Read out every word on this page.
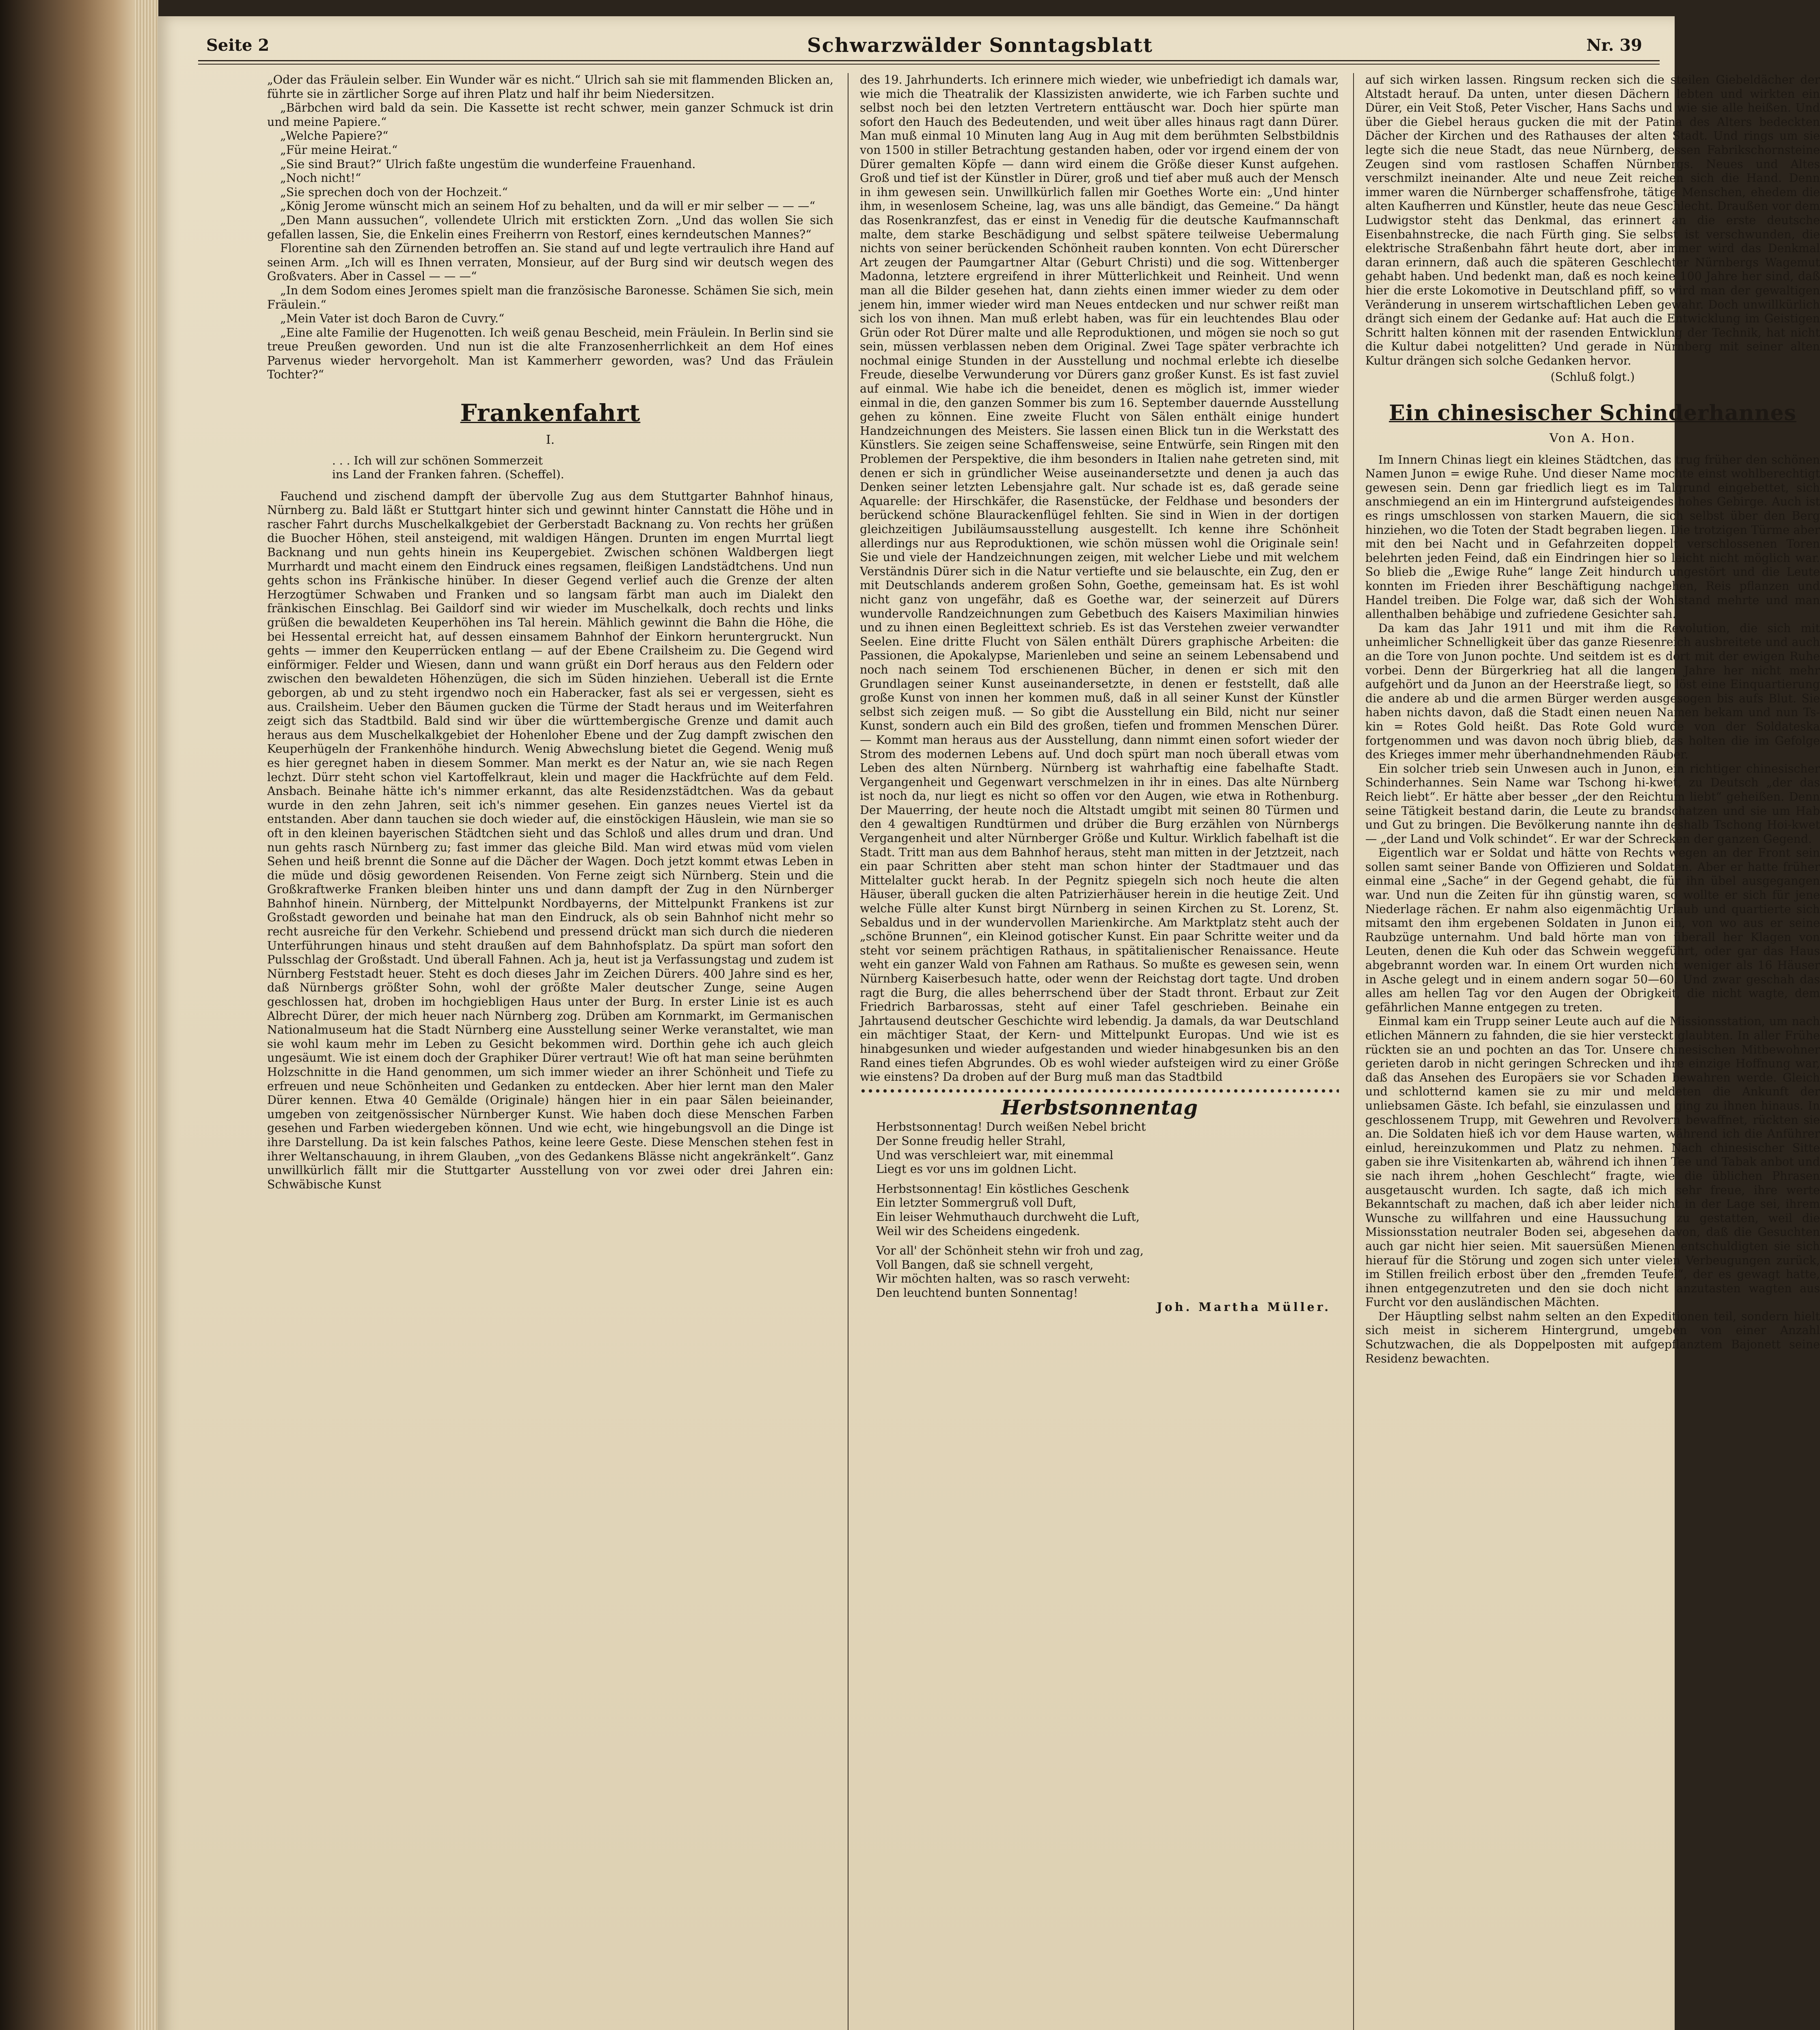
Seite 2	Schwarzwälder Sonntagsblatt	Nr. 39

„Oder das Fräulein selber. Ein Wunder wär es nicht.“ Ulrich sah sie mit flammenden Blicken an, führte sie in zärtlicher Sorge auf ihren Platz und half ihr beim Niedersitzen.

„Bärbchen wird bald da sein. Die Kassette ist recht schwer, mein ganzer Schmuck ist drin und meine Papiere.“

„Welche Papiere?“

„Für meine Heirat.“

„Sie sind Braut?“ Ulrich faßte ungestüm die wunderfeine Frauenhand.

„Noch nicht!“

„Sie sprechen doch von der Hochzeit.“

„König Jerome wünscht mich an seinem Hof zu behalten, und da will er mir selber — — —“

„Den Mann aussuchen“, vollendete Ulrich mit erstickten Zorn. „Und das wollen Sie sich gefallen lassen, Sie, die Enkelin eines Freiherrn von Restorf, eines kerndeutschen Mannes?“

Florentine sah den Zürnenden betroffen an. Sie stand auf und legte vertraulich ihre Hand auf seinen Arm. „Ich will es Ihnen verraten, Monsieur, auf der Burg sind wir deutsch wegen des Großvaters. Aber in Cassel — — —“

„In dem Sodom eines Jeromes spielt man die französische Baronesse. Schämen Sie sich, mein Fräulein.“

„Mein Vater ist doch Baron de Cuvry.“

„Eine alte Familie der Hugenotten. Ich weiß genau Bescheid, mein Fräulein. In Berlin sind sie treue Preußen geworden. Und nun ist die alte Franzosenherrlichkeit an dem Hof eines Parvenus wieder hervorgeholt. Man ist Kammerherr geworden, was? Und das Fräulein Tochter?“

Frankenfahrt
I.
. . . Ich will zur schönen Sommerzeit
ins Land der Franken fahren. (Scheffel).

Fauchend und zischend dampft der übervolle Zug aus dem Stuttgarter Bahnhof hinaus, Nürnberg zu. Bald läßt er Stuttgart hinter sich und gewinnt hinter Cannstatt die Höhe und in rascher Fahrt durchs Muschelkalkgebiet der Gerberstadt Backnang zu. Von rechts her grüßen die Buocher Höhen, steil ansteigend, mit waldigen Hängen. Drunten im engen Murrtal liegt Backnang und nun gehts hinein ins Keupergebiet. Zwischen schönen Waldbergen liegt Murrhardt und macht einem den Eindruck eines regsamen, fleißigen Landstädtchens. Und nun gehts schon ins Fränkische hinüber. In dieser Gegend verlief auch die Grenze der alten Herzogtümer Schwaben und Franken und so langsam färbt man auch im Dialekt den fränkischen Einschlag. Bei Gaildorf sind wir wieder im Muschelkalk, doch rechts und links grüßen die bewaldeten Keuperhöhen ins Tal herein. Mählich gewinnt die Bahn die Höhe, die bei Hessental erreicht hat, auf dessen einsamem Bahnhof der Einkorn heruntergruckt. Nun gehts — immer den Keuperrücken entlang — auf der Ebene Crailsheim zu. Die Gegend wird einförmiger. Felder und Wiesen, dann und wann grüßt ein Dorf heraus aus den Feldern oder zwischen den bewaldeten Höhenzügen, die sich im Süden hinziehen. Ueberall ist die Ernte geborgen, ab und zu steht irgendwo noch ein Haberacker, fast als sei er vergessen, sieht es aus. Crailsheim. Ueber den Bäumen gucken die Türme der Stadt heraus und im Weiterfahren zeigt sich das Stadtbild. Bald sind wir über die württembergische Grenze und damit auch heraus aus dem Muschelkalkgebiet der Hohenloher Ebene und der Zug dampft zwischen den Keuperhügeln der Frankenhöhe hindurch. Wenig Abwechslung bietet die Gegend. Wenig muß es hier geregnet haben in diesem Sommer. Man merkt es der Natur an, wie sie nach Regen lechzt. Dürr steht schon viel Kartoffelkraut, klein und mager die Hackfrüchte auf dem Feld. Ansbach. Beinahe hätte ich's nimmer erkannt, das alte Residenzstädtchen. Was da gebaut wurde in den zehn Jahren, seit ich's nimmer gesehen. Ein ganzes neues Viertel ist da entstanden. Aber dann tauchen sie doch wieder auf, die einstöckigen Häuslein, wie man sie so oft in den kleinen bayerischen Städtchen sieht und das Schloß und alles drum und dran. Und nun gehts rasch Nürnberg zu; fast immer das gleiche Bild. Man wird etwas müd vom vielen Sehen und heiß brennt die Sonne auf die Dächer der Wagen. Doch jetzt kommt etwas Leben in die müde und dösig gewordenen Reisenden. Von Ferne zeigt sich Nürnberg. Stein und die Großkraftwerke Franken bleiben hinter uns und dann dampft der Zug in den Nürnberger Bahnhof hinein. Nürnberg, der Mittelpunkt Nordbayerns, der Mittelpunkt Frankens ist zur Großstadt geworden und beinahe hat man den Eindruck, als ob sein Bahnhof nicht mehr so recht ausreiche für den Verkehr. Schiebend und pressend drückt man sich durch die niederen Unterführungen hinaus und steht draußen auf dem Bahnhofsplatz. Da spürt man sofort den Pulsschlag der Großstadt. Und überall Fahnen. Ach ja, heut ist ja Verfassungstag und zudem ist Nürnberg Feststadt heuer. Steht es doch dieses Jahr im Zeichen Dürers. 400 Jahre sind es her, daß Nürnbergs größter Sohn, wohl der größte Maler deutscher Zunge, seine Augen geschlossen hat, droben im hochgiebligen Haus unter der Burg. In erster Linie ist es auch Albrecht Dürer, der mich heuer nach Nürnberg zog. Drüben am Kornmarkt, im Germanischen Nationalmuseum hat die Stadt Nürnberg eine Ausstellung seiner Werke veranstaltet, wie man sie wohl kaum mehr im Leben zu Gesicht bekommen wird. Dorthin gehe ich auch gleich ungesäumt. Wie ist einem doch der Graphiker Dürer vertraut! Wie oft hat man seine berühmten Holzschnitte in die Hand genommen, um sich immer wieder an ihrer Schönheit und Tiefe zu erfreuen und neue Schönheiten und Gedanken zu entdecken. Aber hier lernt man den Maler Dürer kennen. Etwa 40 Gemälde (Originale) hängen hier in ein paar Sälen beieinander, umgeben von zeitgenössischer Nürnberger Kunst. Wie haben doch diese Menschen Farben gesehen und Farben wiedergeben können. Und wie echt, wie hingebungsvoll an die Dinge ist ihre Darstellung. Da ist kein falsches Pathos, keine leere Geste. Diese Menschen stehen fest in ihrer Weltanschauung, in ihrem Glauben, „von des Gedankens Blässe nicht angekränkelt“. Ganz unwillkürlich fällt mir die Stuttgarter Ausstellung von vor zwei oder drei Jahren ein: Schwäbische Kunst

des 19. Jahrhunderts. Ich erinnere mich wieder, wie unbefriedigt ich damals war, wie mich die Theatralik der Klassizisten anwiderte, wie ich Farben suchte und selbst noch bei den letzten Vertretern enttäuscht war. Doch hier spürte man sofort den Hauch des Bedeutenden, und weit über alles hinaus ragt dann Dürer. Man muß einmal 10 Minuten lang Aug in Aug mit dem berühmten Selbstbildnis von 1500 in stiller Betrachtung gestanden haben, oder vor irgend einem der von Dürer gemalten Köpfe — dann wird einem die Größe dieser Kunst aufgehen. Groß und tief ist der Künstler in Dürer, groß und tief aber muß auch der Mensch in ihm gewesen sein. Unwillkürlich fallen mir Goethes Worte ein: „Und hinter ihm, in wesenlosem Scheine, lag, was uns alle bändigt, das Gemeine.“ Da hängt das Rosenkranzfest, das er einst in Venedig für die deutsche Kaufmannschaft malte, dem starke Beschädigung und selbst spätere teilweise Uebermalung nichts von seiner berückenden Schönheit rauben konnten. Von echt Dürerscher Art zeugen der Paumgartner Altar (Geburt Christi) und die sog. Wittenberger Madonna, letztere ergreifend in ihrer Mütterlichkeit und Reinheit. Und wenn man all die Bilder gesehen hat, dann ziehts einen immer wieder zu dem oder jenem hin, immer wieder wird man Neues entdecken und nur schwer reißt man sich los von ihnen. Man muß erlebt haben, was für ein leuchtendes Blau oder Grün oder Rot Dürer malte und alle Reproduktionen, und mögen sie noch so gut sein, müssen verblassen neben dem Original. Zwei Tage später verbrachte ich nochmal einige Stunden in der Ausstellung und nochmal erlebte ich dieselbe Freude, dieselbe Verwunderung vor Dürers ganz großer Kunst. Es ist fast zuviel auf einmal. Wie habe ich die beneidet, denen es möglich ist, immer wieder einmal in die, den ganzen Sommer bis zum 16. September dauernde Ausstellung gehen zu können. Eine zweite Flucht von Sälen enthält einige hundert Handzeichnungen des Meisters. Sie lassen einen Blick tun in die Werkstatt des Künstlers. Sie zeigen seine Schaffensweise, seine Entwürfe, sein Ringen mit den Problemen der Perspektive, die ihm besonders in Italien nahe getreten sind, mit denen er sich in gründlicher Weise auseinandersetzte und denen ja auch das Denken seiner letzten Lebensjahre galt. Nur schade ist es, daß gerade seine Aquarelle: der Hirschkäfer, die Rasenstücke, der Feldhase und besonders der berückend schöne Blaurackenflügel fehlten. Sie sind in Wien in der dortigen gleichzeitigen Jubiläumsausstellung ausgestellt. Ich kenne ihre Schönheit allerdings nur aus Reproduktionen, wie schön müssen wohl die Originale sein! Sie und viele der Handzeichnungen zeigen, mit welcher Liebe und mit welchem Verständnis Dürer sich in die Natur vertiefte und sie belauschte, ein Zug, den er mit Deutschlands anderem großen Sohn, Goethe, gemeinsam hat. Es ist wohl nicht ganz von ungefähr, daß es Goethe war, der seinerzeit auf Dürers wundervolle Randzeichnungen zum Gebetbuch des Kaisers Maximilian hinwies und zu ihnen einen Begleittext schrieb. Es ist das Verstehen zweier verwandter Seelen. Eine dritte Flucht von Sälen enthält Dürers graphische Arbeiten: die Passionen, die Apokalypse, Marienleben und seine an seinem Lebensabend und noch nach seinem Tod erschienenen Bücher, in denen er sich mit den Grundlagen seiner Kunst auseinandersetzte, in denen er feststellt, daß alle große Kunst von innen her kommen muß, daß in all seiner Kunst der Künstler selbst sich zeigen muß. — So gibt die Ausstellung ein Bild, nicht nur seiner Kunst, sondern auch ein Bild des großen, tiefen und frommen Menschen Dürer. — Kommt man heraus aus der Ausstellung, dann nimmt einen sofort wieder der Strom des modernen Lebens auf. Und doch spürt man noch überall etwas vom Leben des alten Nürnberg. Nürnberg ist wahrhaftig eine fabelhafte Stadt. Vergangenheit und Gegenwart verschmelzen in ihr in eines. Das alte Nürnberg ist noch da, nur liegt es nicht so offen vor den Augen, wie etwa in Rothenburg. Der Mauerring, der heute noch die Altstadt umgibt mit seinen 80 Türmen und den 4 gewaltigen Rundtürmen und drüber die Burg erzählen von Nürnbergs Vergangenheit und alter Nürnberger Größe und Kultur. Wirklich fabelhaft ist die Stadt. Tritt man aus dem Bahnhof heraus, steht man mitten in der Jetztzeit, nach ein paar Schritten aber steht man schon hinter der Stadtmauer und das Mittelalter guckt herab. In der Pegnitz spiegeln sich noch heute die alten Häuser, überall gucken die alten Patrizierhäuser herein in die heutige Zeit. Und welche Fülle alter Kunst birgt Nürnberg in seinen Kirchen zu St. Lorenz, St. Sebaldus und in der wundervollen Marienkirche. Am Marktplatz steht auch der „schöne Brunnen“, ein Kleinod gotischer Kunst. Ein paar Schritte weiter und da steht vor seinem prächtigen Rathaus, in spätitalienischer Renaissance. Heute weht ein ganzer Wald von Fahnen am Rathaus. So mußte es gewesen sein, wenn Nürnberg Kaiserbesuch hatte, oder wenn der Reichstag dort tagte. Und droben ragt die Burg, die alles beherrschend über der Stadt thront. Erbaut zur Zeit Friedrich Barbarossas, steht auf einer Tafel geschrieben. Beinahe ein Jahrtausend deutscher Geschichte wird lebendig. Ja damals, da war Deutschland ein mächtiger Staat, der Kern- und Mittelpunkt Europas. Und wie ist es hinabgesunken und wieder aufgestanden und wieder hinabgesunken bis an den Rand eines tiefen Abgrundes. Ob es wohl wieder aufsteigen wird zu einer Größe wie einstens? Da droben auf der Burg muß man das Stadtbild

Herbstsonnentag
Herbstsonnentag! Durch weißen Nebel bricht
Der Sonne freudig heller Strahl,
Und was verschleiert war, mit einemmal
Liegt es vor uns im goldnen Licht.
Herbstsonnentag! Ein köstliches Geschenk
Ein letzter Sommergruß voll Duft,
Ein leiser Wehmuthauch durchweht die Luft,
Weil wir des Scheidens eingedenk.
Vor all' der Schönheit stehn wir froh und zag,
Voll Bangen, daß sie schnell vergeht,
Wir möchten halten, was so rasch verweht:
Den leuchtend bunten Sonnentag!
Joh. Martha Müller.

auf sich wirken lassen. Ringsum recken sich die steilen Giebeldächer der Altstadt herauf. Da unten, unter diesen Dächern lebten und wirkten ein Dürer, ein Veit Stoß, Peter Vischer, Hans Sachs und wie sie alle heißen. Und über die Giebel heraus gucken die mit der Patina des Alters bedeckten Dächer der Kirchen und des Rathauses der alten Stadt. Und rings um sie legte sich die neue Stadt, das neue Nürnberg, dessen Fabrikschornsteine Zeugen sind vom rastlosen Schaffen Nürnbergs. Neues und Altes verschmilzt ineinander. Alte und neue Zeit reichen sich die Hand. Denn immer waren die Nürnberger schaffensfrohe, tätige Menschen, ehedem die alten Kaufherren und Künstler, heute das neue Geschlecht. Draußen vor dem Ludwigstor steht das Denkmal, das erinnert an die erste deutsche Eisenbahnstrecke, die nach Fürth ging. Sie selbst ist verschwunden, die elektrische Straßenbahn fährt heute dort, aber immer wird das Denkmal daran erinnern, daß auch die späteren Geschlechter Nürnbergs Wagemut gehabt haben. Und bedenkt man, daß es noch keine 100 Jahre her sind, daß hier die erste Lokomotive in Deutschland pfiff, so wird man der gewaltigen Veränderung in unserem wirtschaftlichen Leben gewahr. Doch unwillkürlich drängt sich einem der Gedanke auf: Hat auch die Entwicklung im Geistigen Schritt halten können mit der rasenden Entwicklung der Technik, hat nicht die Kultur dabei notgelitten? Und gerade in Nürnberg mit seiner alten Kultur drängen sich solche Gedanken hervor.

(Schluß folgt.)
Ein chinesischer Schinderhannes
Von A. Hon.

Im Innern Chinas liegt ein kleines Städtchen, das trug früher den schönen Namen Junon = ewige Ruhe. Und dieser Name mochte einst wohlberechtigt gewesen sein. Denn gar friedlich liegt es im Talgrund eingebettet, sich anschmiegend an ein im Hintergrund aufsteigendes hohes Gebirge. Auch ist es rings umschlossen von starken Mauern, die sich selbst über den Berg hinziehen, wo die Toten der Stadt begraben liegen. Die trotzigen Türme aber mit den bei Nacht und in Gefahrzeiten doppelt verschlossenen Toren belehrten jeden Feind, daß ein Eindringen hier so leicht nicht möglich war. So blieb die „Ewige Ruhe“ lange Zeit hindurch ungestört und die Leute konnten im Frieden ihrer Beschäftigung nachgehen, Reis pflanzen und Handel treiben. Die Folge war, daß sich der Wohlstand mehrte und man allenthalben behäbige und zufriedene Gesichter sah.

Da kam das Jahr 1911 und mit ihm die Revolution, die sich mit unheimlicher Schnelligkeit über das ganze Riesenreich ausbreitete und auch an die Tore von Junon pochte. Und seitdem ist es dort mit der ewigen Ruhe vorbei. Denn der Bürgerkrieg hat all die langen Jahre her nicht mehr aufgehört und da Junon an der Heerstraße liegt, so löst eine Einquartierung die andere ab und die armen Bürger werden ausgesogen bis aufs Blut. Sie haben nichts davon, daß die Stadt einen neuen Namen bekam und nun Ts-kin = Rotes Gold heißt. Das Rote Gold wurde von der Soldateska fortgenommen und was davon noch übrig blieb, das holten die im Gefolge des Krieges immer mehr überhandnehmenden Räuber.

Ein solcher trieb sein Unwesen auch in Junon, ein richtiger chinesischer Schinderhannes. Sein Name war Tschong hi-kwet, zu Deutsch „der das Reich liebt“. Er hätte aber besser „der den Reichtum liebt“ geheißen. Denn seine Tätigkeit bestand darin, die Leute zu brandschatzen und sie um Hab und Gut zu bringen. Die Bevölkerung nannte ihn deshalb Tschong Hoi-kwet — „der Land und Volk schindet“. Er war der Schrecken der ganzen Gegend.

Eigentlich war er Soldat und hätte von Rechts wegen an der Front sein sollen samt seiner Bande von Offizieren und Soldaten. Aber er hatte früher einmal eine „Sache“ in der Gegend gehabt, die für ihn übel ausgegangen war. Und nun die Zeiten für ihn günstig waren, so wollte er sich für jene Niederlage rächen. Er nahm also eigenmächtig Urlaub und quartierte sich mitsamt den ihm ergebenen Soldaten in Junon ein, von wo aus er seine Raubzüge unternahm. Und bald hörte man von überall her Klagen von Leuten, denen die Kuh oder das Schwein weggeführt, oder gar das Haus abgebrannt worden war. In einem Ort wurden nicht weniger als 16 Häuser in Asche gelegt und in einem andern sogar 50—60. Und zwar geschah das alles am hellen Tag vor den Augen der Obrigkeit, die nicht wagte, dem gefährlichen Manne entgegen zu treten.

Einmal kam ein Trupp seiner Leute auch auf die Missionsstation, um nach etlichen Männern zu fahnden, die sie hier versteckt glaubten. In aller Frühe rückten sie an und pochten an das Tor. Unsere chinesischen Mitbewohner gerieten darob in nicht geringen Schrecken und ihre einzige Hoffnung war, daß das Ansehen des Europäers sie vor Schaden bewahren werde. Gleich und schlotternd kamen sie zu mir und meldeten die Ankunft der unliebsamen Gäste. Ich befahl, sie einzulassen und ging zu ihnen hinaus. In geschlossenem Trupp, mit Gewehren und Revolvern bewaffnet, rückten sie an. Die Soldaten hieß ich vor dem Hause warten, während ich die Anführer einlud, hereinzukommen und Platz zu nehmen. Nach chinesischer Sitte gaben sie ihre Visitenkarten ab, während ich ihnen Tee und Tabak anbot und sie nach ihrem „hohen Geschlecht“ fragte, wie die üblichen Phrasen ausgetauscht wurden. Ich sagte, daß ich mich sehr freue, ihre werte Bekanntschaft zu machen, daß ich aber leider nicht in der Lage sei, ihrem Wunsche zu willfahren und eine Haussuchung zu gestatten, weil die Missionsstation neutraler Boden sei, abgesehen davon, daß die Gesuchten auch gar nicht hier seien. Mit sauersüßen Mienen entschuldigten sie sich hierauf für die Störung und zogen sich unter vielen Verbeugungen zurück, im Stillen freilich erbost über den „fremden Teufel“, der es gewagt hatte, ihnen entgegenzutreten und den sie doch nicht anzutasten wagten aus Furcht vor den ausländischen Mächten.

Der Häuptling selbst nahm selten an den Expeditionen teil, sondern hielt sich meist in sicherem Hintergrund, umgeben von einer Anzahl Schutzwachen, die als Doppelposten mit aufgepflanztem Bajonett seine Residenz bewachten.
